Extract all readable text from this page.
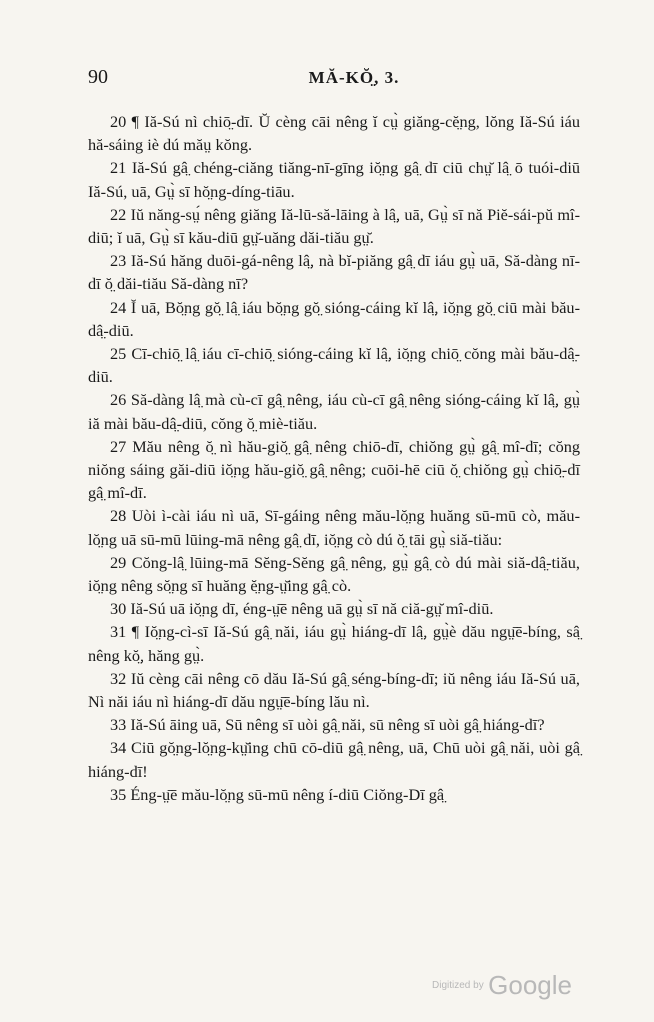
90	MĂ-KŎ̤, 3.

20 ¶ Iă-Sú nì chiō̤-dī. Ŭ cèng cāi nêng ĭ cṳ̀ giăng-cĕ̤ng, lŏng Iă-Sú iáu hă-sáing iè dú măṳ kŏng.

21 Iă-Sú gâ̤ chéng-ciăng tiăng-nī-gīng iŏ̤ng gâ̤ dī ciū chṳ̆ lâ̤ ō tuói-diū Iă-Sú, uā, Gṳ̀ sī hŏ̤ng-díng-tiāu.

22 Iŭ năng-sṳ́ nêng giăng Iă-lū-să-lāing à lâ̤, uā, Gṳ̀ sī nă Piĕ-sái-pŭ mî-diū; ĭ uā, Gṳ̀ sī kău-diū gṳ̆-uăng dăi-tiău gṳ̆.

23 Iă-Sú hăng duōi-gá-nêng lâ̤, nà bĭ-piăng gâ̤ dī iáu gṳ̀ uā, Să-dàng nī-dī ŏ̤ dăi-tiău Să-dàng nī?

24 Ĭ uā, Bŏ̤ng gŏ̤ lâ̤ iáu bŏ̤ng gŏ̤ sióng-cáing kĭ lâ̤, iŏ̤ng gŏ̤ ciū mài bău-dâ̤-diū.

25 Cī-chiō̤ lâ̤ iáu cī-chiō̤ sióng-cáing kĭ lâ̤, iŏ̤ng chiō̤ cŏng mài bău-dâ̤-diū.

26 Să-dàng lâ̤ mà cù-cī gâ̤ nêng, iáu cù-cī gâ̤ nêng sióng-cáing kĭ lâ̤, gṳ̀ iă mài bău-dâ̤-diū, cŏng ŏ̤ miè-tiău.

27 Mău nêng ŏ̤ nì hău-giŏ̤ gâ̤ nêng chiō-dī, chiŏng gṳ̀ gâ̤ mî-dī; cŏng niŏng sáing găi-diū iŏ̤ng hău-giŏ̤ gâ̤ nêng; cuōi-hē ciū ŏ̤ chiŏng gṳ̀ chiō̤-dī gâ̤ mî-dī.

28 Uòi ì-cài iáu nì uā, Sī-gáing nêng mău-lŏ̤ng huăng sū-mū cò, mău-lŏ̤ng uā sū-mū lūing-mā nêng gâ̤ dī, iŏ̤ng cò dú ŏ̤ tāi gṳ̀ siă-tiău:

29 Cŏng-lâ̤ lūing-mā Sĕng-Sĕng gâ̤ nêng, gṳ̀ gâ̤ cò dú mài siă-dâ̤-tiău, iŏ̤ng nêng sŏ̤ng sī huăng ĕ̤ng-ṳ̆ing gâ̤ cò.

30 Iă-Sú uā iŏ̤ng dī, éng-ṳ̄ē nêng uā gṳ̀ sī nă ciă-gṳ̆ mî-diū.

31 ¶ Iŏ̤ng-cì-sī Iă-Sú gâ̤ năi, iáu gṳ̀ hiáng-dī lâ̤, gṳ̀è dău ngṳ̄ē-bíng, sâ̤ nêng kŏ̤, hăng gṳ̀.

32 Iŭ cèng cāi nêng cō dău Iă-Sú gâ̤ séng-bíng-dī; iŭ nêng iáu Iă-Sú uā, Nì năi iáu nì hiáng-dī dău ngṳ̄ē-bíng lău nì.

33 Iă-Sú āing uā, Sū nêng sī uòi gâ̤ năi, sū nêng sī uòi gâ̤ hiáng-dī?

34 Ciū gŏ̤ng-lŏ̤ng-kṳ̆ing chū cō-diū gâ̤ nêng, uā, Chū uòi gâ̤ năi, uòi gâ̤ hiáng-dī!

35 Éng-ṳ̄ē mău-lŏ̤ng sū-mū nêng í-diū Ciŏng-Dī gâ̤

Digitized by Google
